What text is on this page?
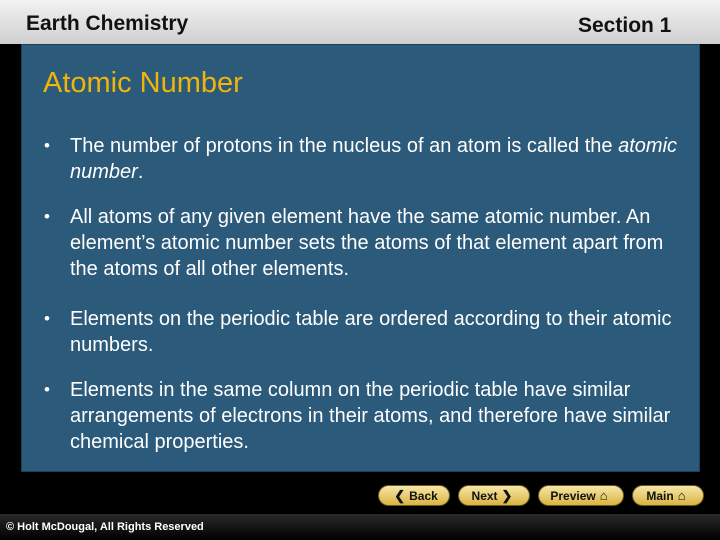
Earth Chemistry	Section 1
Atomic Number
• The number of protons in the nucleus of an atom is called the atomic number.
• All atoms of any given element have the same atomic number. An element’s atomic number sets the atoms of that element apart from the atoms of all other elements.
• Elements on the periodic table are ordered according to their atomic numbers.
• Elements in the same column on the periodic table have similar arrangements of electrons in their atoms, and therefore have similar chemical properties.
© Holt McDougal, All Rights Reserved
❮ Back	Next ❯	Preview ⌂	Main ⌂
